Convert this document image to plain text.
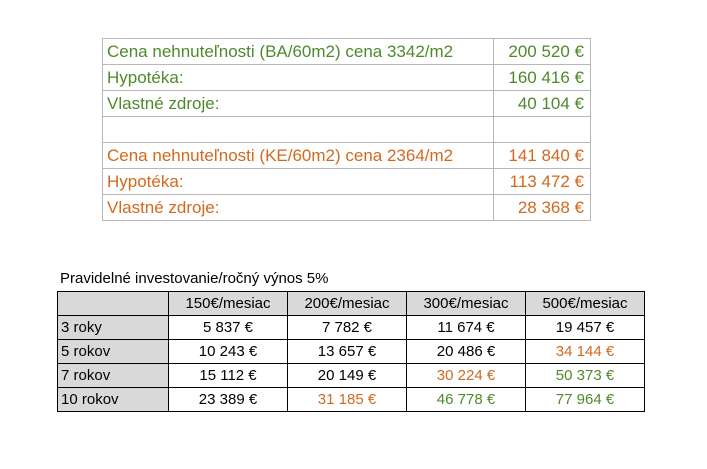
Cena nehnuteľnosti (BA/60m2) cena 3342/m2	200 520 €
Hypotéka:	160 416 €
Vlastné zdroje:	40 104 €

Cena nehnuteľnosti (KE/60m2) cena 2364/m2	141 840 €
Hypotéka:	113 472 €
Vlastné zdroje:	28 368 €
Pravidelné investovanie/ročný výnos 5%
	150€/mesiac	200€/mesiac	300€/mesiac	500€/mesiac
3 roky	5 837 €	7 782 €	11 674 €	19 457 €
5 rokov	10 243 €	13 657 €	20 486 €	34 144 €
7 rokov	15 112 €	20 149 €	30 224 €	50 373 €
10 rokov	23 389 €	31 185 €	46 778 €	77 964 €
